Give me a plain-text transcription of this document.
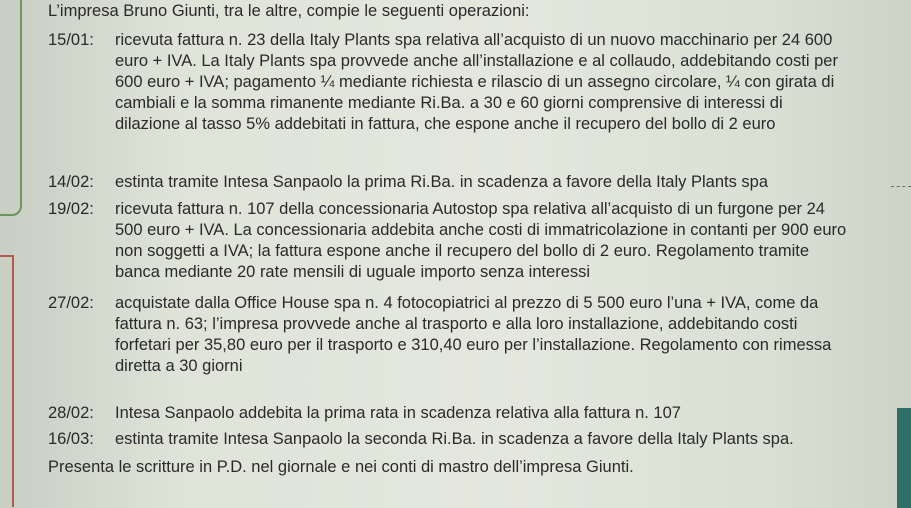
L’impresa Bruno Giunti, tra le altre, compie le seguenti operazioni:
15/01: ricevuta fattura n. 23 della Italy Plants spa relativa all’acquisto di un nuovo macchinario per 24 600 euro + IVA. La Italy Plants spa provvede anche all’installazione e al collaudo, addebitando costi per 600 euro + IVA; pagamento ¼ mediante richiesta e rilascio di un assegno circolare, ¼ con girata di cambiali e la somma rimanente mediante Ri.Ba. a 30 e 60 giorni comprensive di interessi di dilazione al tasso 5% addebitati in fattura, che espone anche il recupero del bollo di 2 euro
14/02: estinta tramite Intesa Sanpaolo la prima Ri.Ba. in scadenza a favore della Italy Plants spa
19/02: ricevuta fattura n. 107 della concessionaria Autostop spa relativa all’acquisto di un furgone per 24 500 euro + IVA. La concessionaria addebita anche costi di immatricolazione in contanti per 900 euro non soggetti a IVA; la fattura espone anche il recupero del bollo di 2 euro. Regolamento tramite banca mediante 20 rate mensili di uguale importo senza interessi
27/02: acquistate dalla Office House spa n. 4 fotocopiatrici al prezzo di 5 500 euro l’una + IVA, come da fattura n. 63; l’impresa provvede anche al trasporto e alla loro installazione, addebitando costi forfetari per 35,80 euro per il trasporto e 310,40 euro per l’installazione. Regolamento con rimessa diretta a 30 giorni
28/02: Intesa Sanpaolo addebita la prima rata in scadenza relativa alla fattura n. 107
16/03: estinta tramite Intesa Sanpaolo la seconda Ri.Ba. in scadenza a favore della Italy Plants spa.
Presenta le scritture in P.D. nel giornale e nei conti di mastro dell’impresa Giunti.
